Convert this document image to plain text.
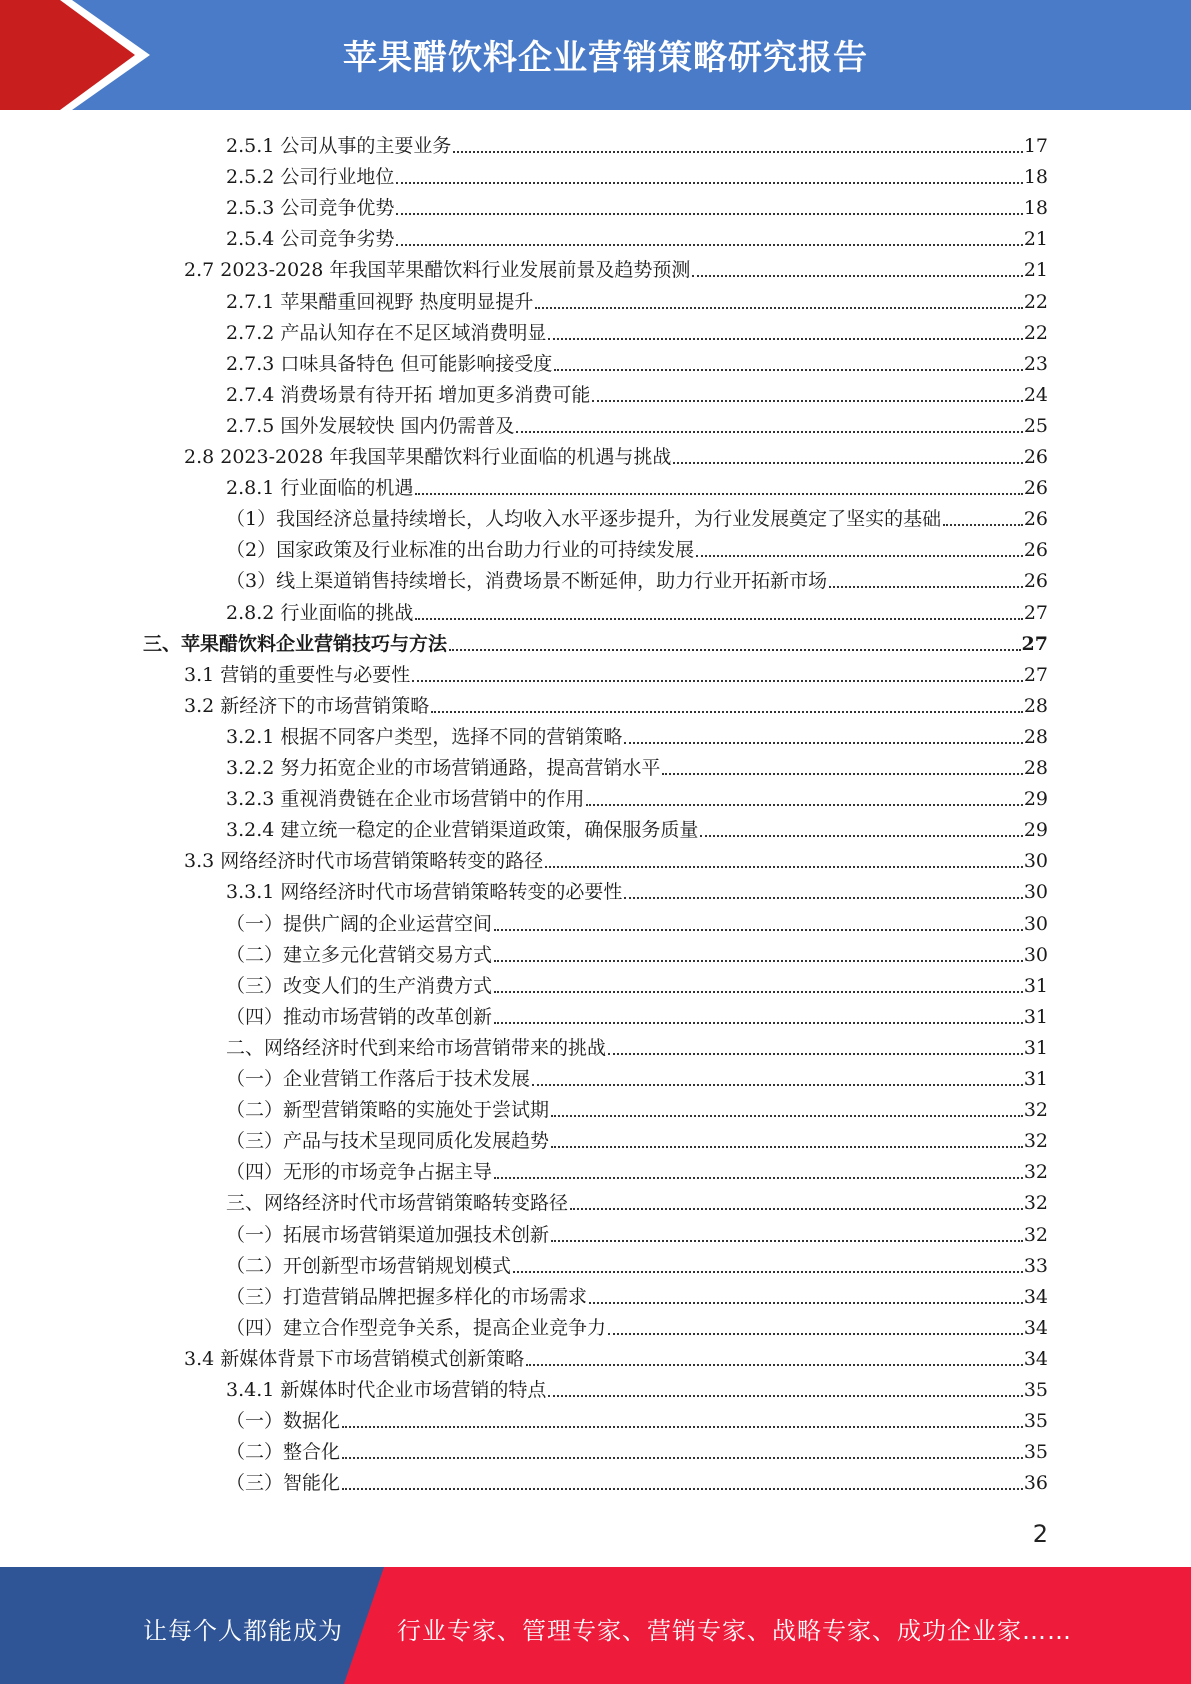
苹果醋饮料企业营销策略研究报告
2.5.1 公司从事的主要业务	17
2.5.2 公司行业地位	18
2.5.3 公司竞争优势	18
2.5.4 公司竞争劣势	21
2.7 2023-2028 年我国苹果醋饮料行业发展前景及趋势预测	21
2.7.1 苹果醋重回视野 热度明显提升	22
2.7.2 产品认知存在不足区域消费明显	22
2.7.3 口味具备特色 但可能影响接受度	23
2.7.4 消费场景有待开拓 增加更多消费可能	24
2.7.5 国外发展较快 国内仍需普及	25
2.8 2023-2028 年我国苹果醋饮料行业面临的机遇与挑战	26
2.8.1 行业面临的机遇	26
（1）我国经济总量持续增长，人均收入水平逐步提升，为行业发展奠定了坚实的基础	26
（2）国家政策及行业标准的出台助力行业的可持续发展	26
（3）线上渠道销售持续增长，消费场景不断延伸，助力行业开拓新市场	26
2.8.2 行业面临的挑战	27
三、苹果醋饮料企业营销技巧与方法	27
3.1 营销的重要性与必要性	27
3.2 新经济下的市场营销策略	28
3.2.1 根据不同客户类型，选择不同的营销策略	28
3.2.2 努力拓宽企业的市场营销通路，提高营销水平	28
3.2.3 重视消费链在企业市场营销中的作用	29
3.2.4 建立统一稳定的企业营销渠道政策，确保服务质量	29
3.3 网络经济时代市场营销策略转变的路径	30
3.3.1 网络经济时代市场营销策略转变的必要性	30
（一）提供广阔的企业运营空间	30
（二）建立多元化营销交易方式	30
（三）改变人们的生产消费方式	31
（四）推动市场营销的改革创新	31
二、网络经济时代到来给市场营销带来的挑战	31
（一）企业营销工作落后于技术发展	31
（二）新型营销策略的实施处于尝试期	32
（三）产品与技术呈现同质化发展趋势	32
（四）无形的市场竞争占据主导	32
三、网络经济时代市场营销策略转变路径	32
（一）拓展市场营销渠道加强技术创新	32
（二）开创新型市场营销规划模式	33
（三）打造营销品牌把握多样化的市场需求	34
（四）建立合作型竞争关系，提高企业竞争力	34
3.4 新媒体背景下市场营销模式创新策略	34
3.4.1 新媒体时代企业市场营销的特点	35
（一）数据化	35
（二）整合化	35
（三）智能化	36
2
让每个人都能成为 行业专家、管理专家、营销专家、战略专家、成功企业家……
